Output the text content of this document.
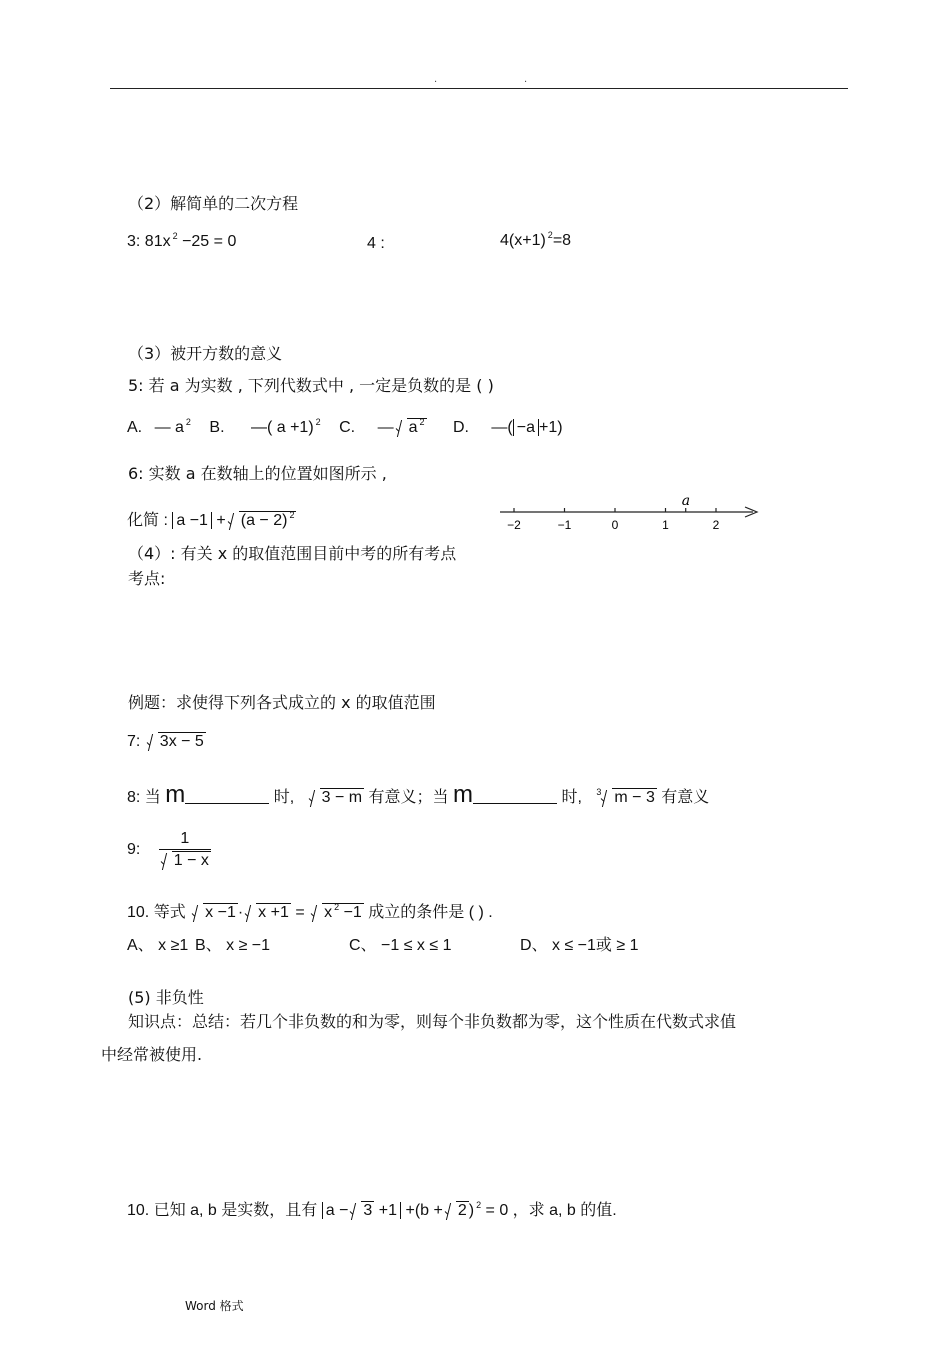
.	.
（2）解简单的二次方程
3: 81x $^2$ −25 = 0	4 :	4(x+1) $^2$=8
（3）被开方数的意义
5: 若 a 为实数 , 下列代数式中 , 一定是负数的是 ( )
A. — a $^2$ B. —( a +1) $^2$ C. — a $^2$ D. —( −a +1)
6: 实数 a 在数轴上的位置如图所示 ,
化简 : a −1 + (a − 2) $^2$
−2	−1	0	1	2
a
（4）: 有关 x 的取值范围目前中考的所有考点
考点:
例题：求使得下列各式成立的 x 的取值范围
7: 3x − 5
8: 当 m	时, 3 − m 有意义；当 m	时, $^3$ m − 3 有意义
9: $\frac{1}{1 - x}$
10. 等式 x −1 · x +1 = x $^2$ −1 成立的条件是 ( ) .
A、 x ≥1 B、 x ≥ −1	C、 −1 ≤ x ≤ 1	D、 x ≤ −1或 ≥ 1
(5) 非负性
知识点：总结：若几个非负数的和为零，则每个非负数都为零，这个性质在代数式求值
中经常被使用.
10. 已知 a, b 是实数，且有 a − 3 +1 +(b + 2 ) $^2$ = 0 ，求 a, b 的值.
Word 格式
